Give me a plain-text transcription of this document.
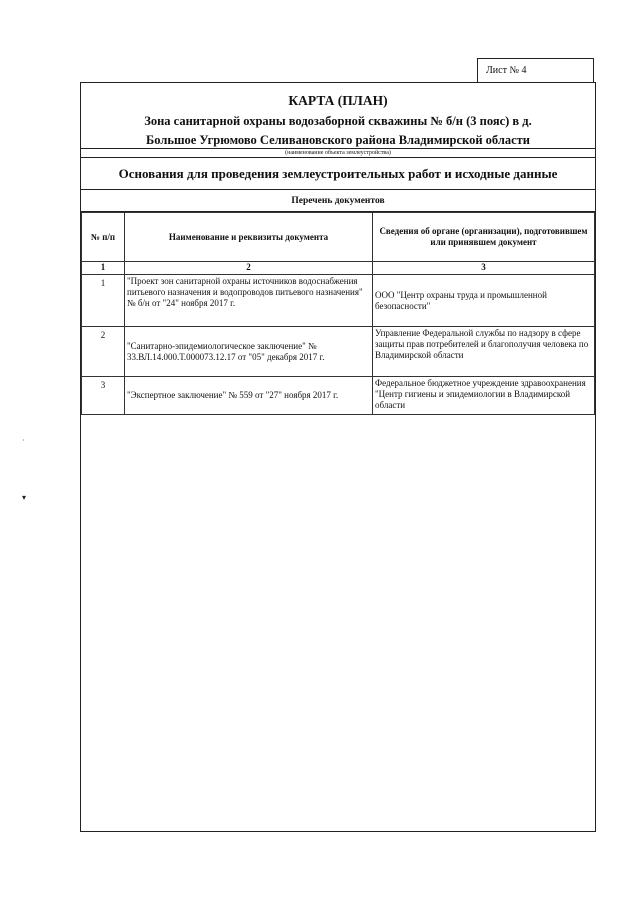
Лист № 4
КАРТА (ПЛАН)
Зона санитарной охраны водозаборной скважины № б/н (3 пояс) в д.
Большое Угрюмово Селивановского района Владимирской области
(наименование объекта землеустройства)
Основания для проведения землеустроительных работ и исходные данные
Перечень документов
№ п/п	Наименование и реквизиты документа	Сведения об органе (организации), подготовившем или принявшем документ
1	2	3
1	"Проект зон санитарной охраны источников водоснабжения питьевого назначения и водопроводов питьевого назначения" № б/н от "24" ноября 2017 г.	ООО "Центр охраны труда и промышленной безопасности"
2	"Санитарно-эпидемиологическое заключение" № 33.ВЛ.14.000.Т.000073.12.17 от "05" декабря 2017 г.	Управление Федеральной службы по надзору в сфере защиты прав потребителей и благополучия человека по Владимирской области
3	"Экспертное заключение" № 559 от "27" ноября 2017 г.	Федеральное бюджетное учреждение здравоохранения "Центр гигиены и эпидемиологии в Владимирской области
·
▾
